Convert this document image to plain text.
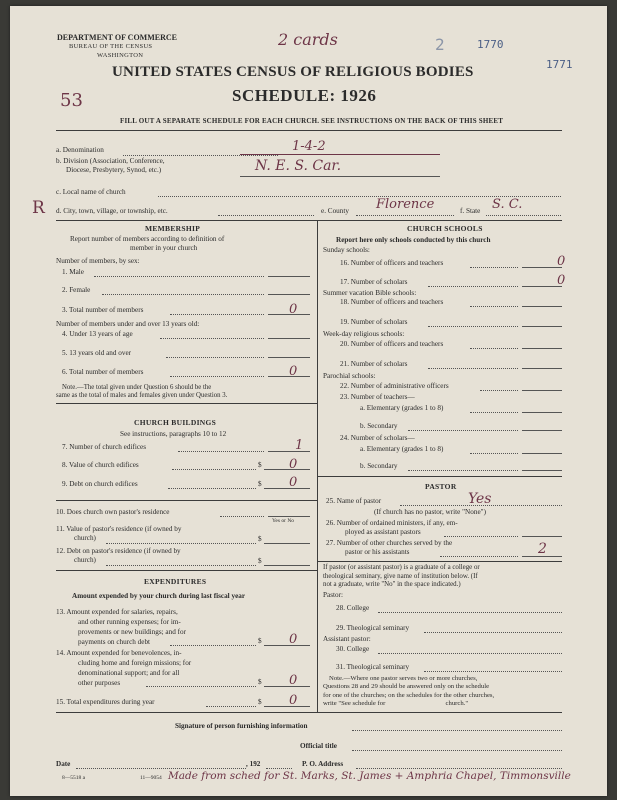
DEPARTMENT OF COMMERCE
BUREAU OF THE CENSUS
WASHINGTON
2 cards	2	1770
1771
UNITED STATES CENSUS OF RELIGIOUS BODIES
SCHEDULE: 1926
53
FILL OUT A SEPARATE SCHEDULE FOR EACH CHURCH. SEE INSTRUCTIONS ON THE BACK OF THIS SHEET
a. Denomination	1-4-2
b. Division (Association, Conference,
Diocese, Presbytery, Synod, etc.)	N. E. S. Car.
c. Local name of church
R d. City, town, village, or township, etc.	e. County Florence	f. State S. C.
MEMBERSHIP
Report number of members according to definition of
member in your church
Number of members, by sex:
1. Male
2. Female
3. Total number of members	0
Number of members under and over 13 years old:
4. Under 13 years of age
5. 13 years old and over
6. Total number of members	0
Note.—The total given under Question 6 should be the
same as the total of males and females given under Question 3.
CHURCH BUILDINGS
See instructions, paragraphs 10 to 12
7. Number of church edifices	1
8. Value of church edifices	$ 0
9. Debt on church edifices	$ 0
10. Does church own pastor's residence
Yes or No
11. Value of pastor's residence (if owned by
church)	$
12. Debt on pastor's residence (if owned by
church)	$
EXPENDITURES
Amount expended by your church during last fiscal year
13. Amount expended for salaries, repairs,
and other running expenses; for im-
provements or new buildings; and for
payments on church debt	$ 0
14. Amount expended for benevolences, in-
cluding home and foreign missions; for
denominational support; and for all
other purposes	$ 0
15. Total expenditures during year	$ 0
CHURCH SCHOOLS
Report here only schools conducted by this church
Sunday schools:
16. Number of officers and teachers	0
17. Number of scholars	0
Summer vacation Bible schools:
18. Number of officers and teachers
19. Number of scholars
Week-day religious schools:
20. Number of officers and teachers
21. Number of scholars
Parochial schools:
22. Number of administrative officers
23. Number of teachers—
a. Elementary (grades 1 to 8)
b. Secondary
24. Number of scholars—
a. Elementary (grades 1 to 8)
b. Secondary
PASTOR
25. Name of pastor	Yes
(If church has no pastor, write "None")
26. Number of ordained ministers, if any, em-
ployed as assistant pastors
27. Number of other churches served by the
pastor or his assistants	2
If pastor (or assistant pastor) is a graduate of a college or
theological seminary, give name of institution below. (If
not a graduate, write "No" in the space indicated.)
Pastor:
28. College
29. Theological seminary
Assistant pastor:
30. College
31. Theological seminary
Note.—Where one pastor serves two or more churches,
Questions 28 and 29 should be answered only on the schedule
for one of the churches; on the schedules for the other churches,
write "See schedule for                                    church."
Signature of person furnishing information
Official title
Date	, 192	P. O. Address
8—5518 a	11—9054 Made from sched for St. Marks, St. James + Amphria Chapel, Timmonsville
